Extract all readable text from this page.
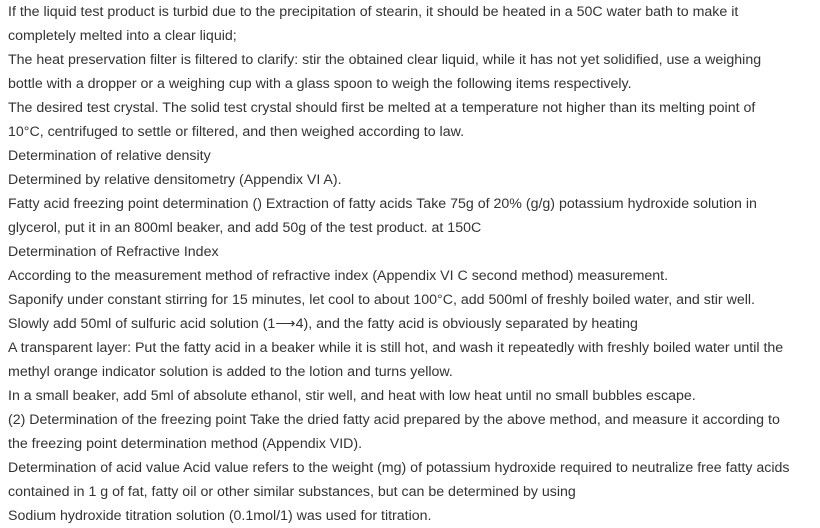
If the liquid test product is turbid due to the precipitation of stearin, it should be heated in a 50C water bath to make it

completely melted into a clear liquid;

The heat preservation filter is filtered to clarify: stir the obtained clear liquid, while it has not yet solidified, use a weighing

bottle with a dropper or a weighing cup with a glass spoon to weigh the following items respectively.

The desired test crystal. The solid test crystal should first be melted at a temperature not higher than its melting point of

10°C, centrifuged to settle or filtered, and then weighed according to law.

Determination of relative density

Determined by relative densitometry (Appendix VI A).

Fatty acid freezing point determination () Extraction of fatty acids Take 75g of 20% (g/g) potassium hydroxide solution in

glycerol, put it in an 800ml beaker, and add 50g of the test product. at 150C

Determination of Refractive Index

According to the measurement method of refractive index (Appendix VI C second method) measurement.

Saponify under constant stirring for 15 minutes, let cool to about 100°C, add 500ml of freshly boiled water, and stir well.

Slowly add 50ml of sulfuric acid solution (1⟶4), and the fatty acid is obviously separated by heating

A transparent layer: Put the fatty acid in a beaker while it is still hot, and wash it repeatedly with freshly boiled water until the

methyl orange indicator solution is added to the lotion and turns yellow.

In a small beaker, add 5ml of absolute ethanol, stir well, and heat with low heat until no small bubbles escape.

(2) Determination of the freezing point Take the dried fatty acid prepared by the above method, and measure it according to

the freezing point determination method (Appendix VID).

Determination of acid value Acid value refers to the weight (mg) of potassium hydroxide required to neutralize free fatty acids

contained in 1 g of fat, fatty oil or other similar substances, but can be determined by using

Sodium hydroxide titration solution (0.1mol/1) was used for titration.
